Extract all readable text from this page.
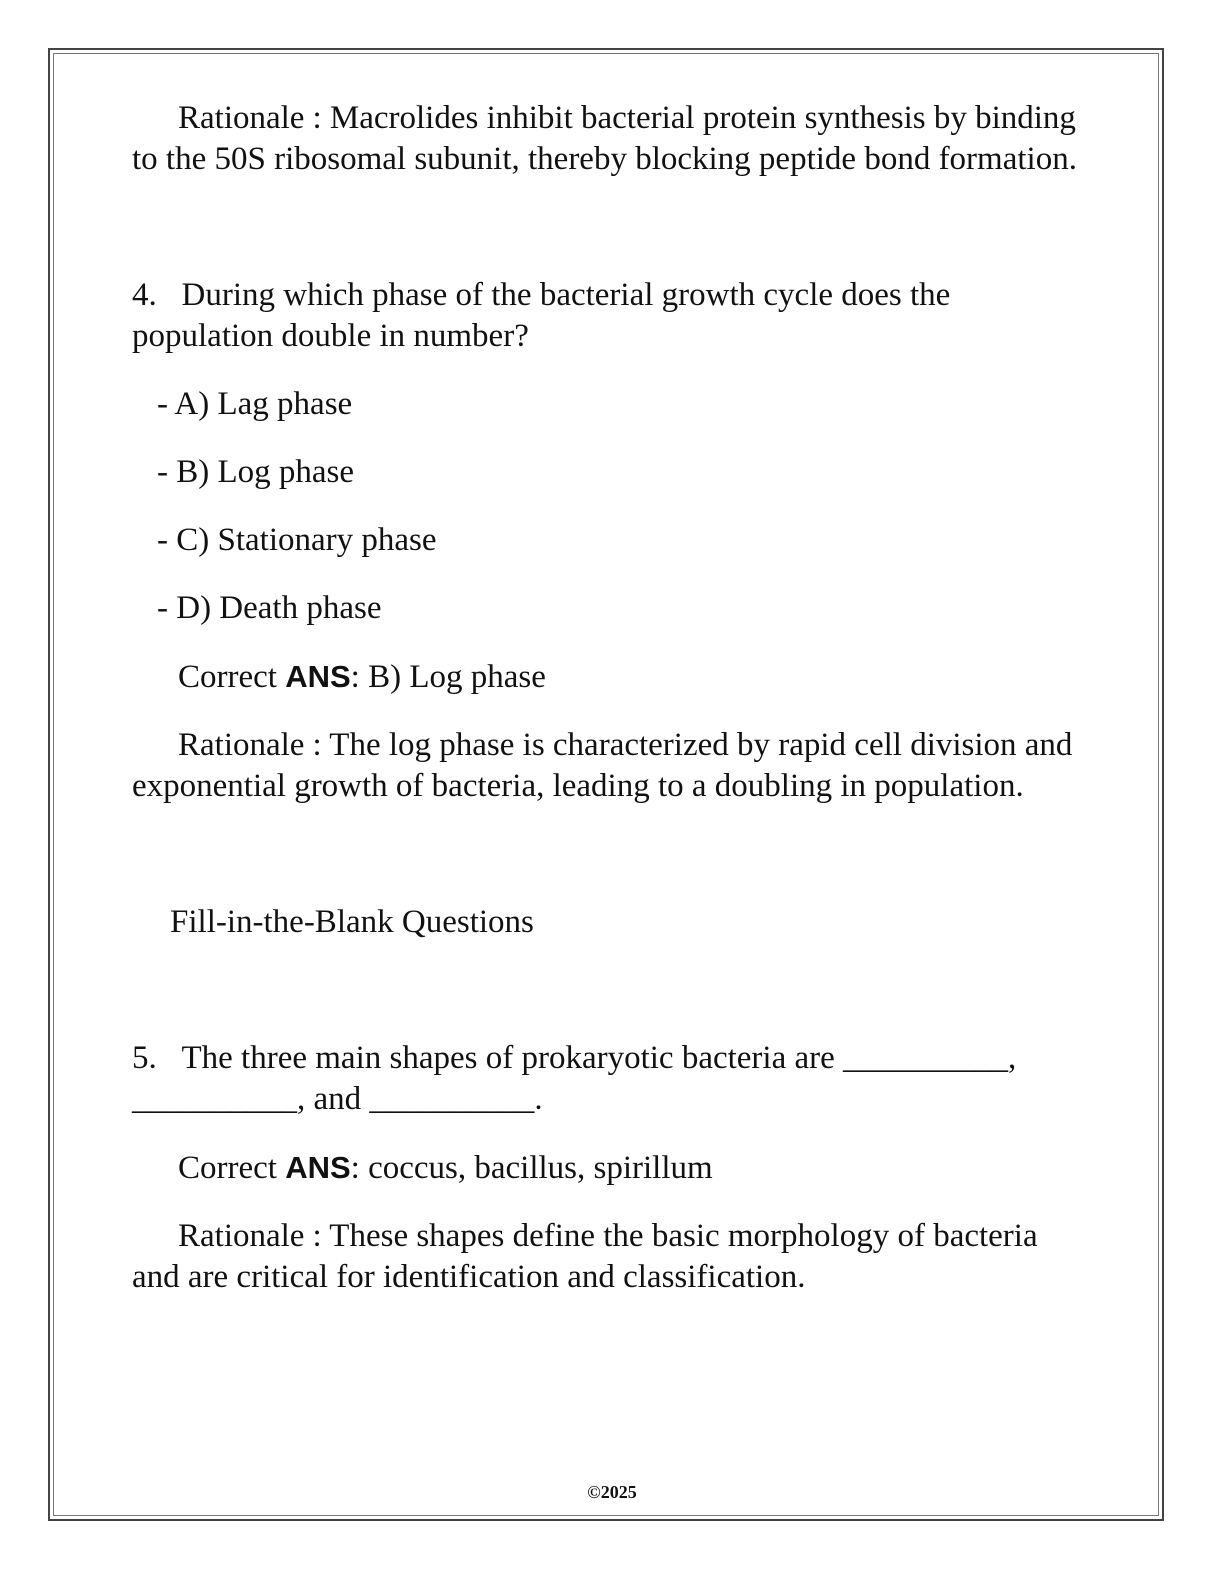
Rationale : Macrolides inhibit bacterial protein synthesis by binding to the 50S ribosomal subunit, thereby blocking peptide bond formation.

4. During which phase of the bacterial growth cycle does the population double in number?

- A) Lag phase

- B) Log phase

- C) Stationary phase

- D) Death phase

Correct ANS: B) Log phase

Rationale : The log phase is characterized by rapid cell division and exponential growth of bacteria, leading to a doubling in population.

Fill-in-the-Blank Questions

5. The three main shapes of prokaryotic bacteria are __________, __________, and __________.

Correct ANS: coccus, bacillus, spirillum

Rationale : These shapes define the basic morphology of bacteria and are critical for identification and classification.

©2025
